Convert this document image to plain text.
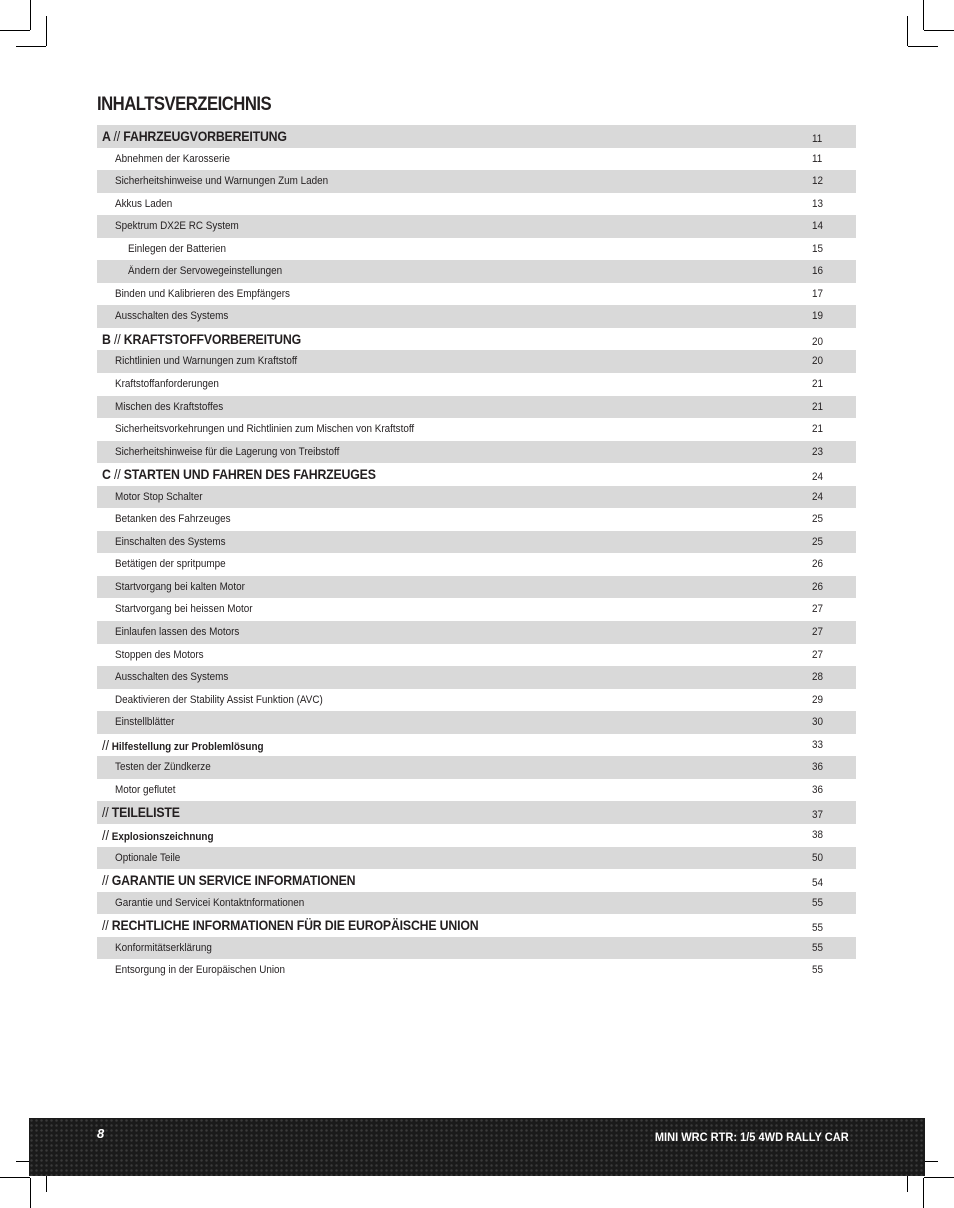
INHALTSVERZEICHNIS
A // FAHRZEUGVORBEREITUNG	11
Abnehmen der Karosserie	11
Sicherheitshinweise und Warnungen Zum Laden	12
Akkus Laden	13
Spektrum DX2E RC System	14
Einlegen der Batterien	15
Ändern der Servowegeinstellungen	16
Binden und Kalibrieren des Empfängers	17
Ausschalten des Systems	19
B // KRAFTSTOFFVORBEREITUNG	20
Richtlinien und Warnungen zum Kraftstoff	20
Kraftstoffanforderungen	21
Mischen des Kraftstoffes	21
Sicherheitsvorkehrungen und Richtlinien zum Mischen von Kraftstoff	21
Sicherheitshinweise für die Lagerung von Treibstoff	23
C // STARTEN UND FAHREN DES FAHRZEUGES	24
Motor Stop Schalter	24
Betanken des Fahrzeuges	25
Einschalten des Systems	25
Betätigen der spritpumpe	26
Startvorgang bei kalten Motor	26
Startvorgang bei heissen Motor	27
Einlaufen lassen des Motors	27
Stoppen des Motors	27
Ausschalten des Systems	28
Deaktivieren der Stability Assist Funktion (AVC)	29
Einstellblätter	30
// Hilfestellung zur Problemlösung	33
Testen der Zündkerze	36
Motor geflutet	36
// TEILELISTE	37
// Explosionszeichnung	38
Optionale Teile	50
// GARANTIE UN SERVICE INFORMATIONEN	54
Garantie und Servicei Kontaktnformationen	55
// RECHTLICHE INFORMATIONEN FÜR DIE EUROPÄISCHE UNION	55
Konformitätserklärung	55
Entsorgung in der Europäischen Union	55
8	MINI WRC RTR: 1/5 4WD RALLY CAR
